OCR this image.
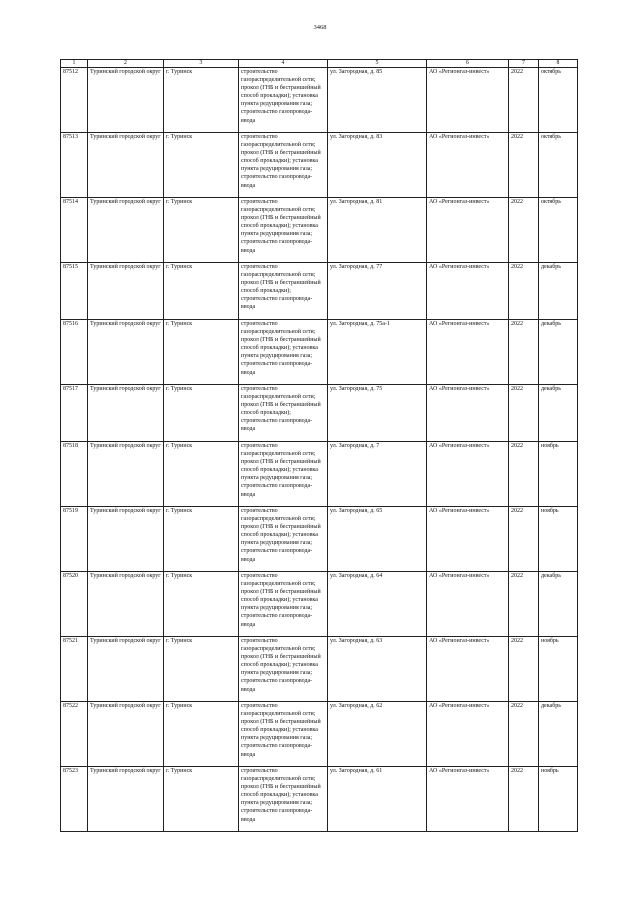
3468
1	2	3	4	5	6	7	8
87512	Туринский городской округ	г. Туринск	строительство газораспределительной сети; прокол (ГНБ и бестраншейный способ прокладки); установка пункта редуцирования газа; строительство газопровода-ввода	ул. Загородная, д. 85	АО «Регионгаз-инвест»	2022	октябрь
87513	Туринский городской округ	г. Туринск	строительство газораспределительной сети; прокол (ГНБ и бестраншейный способ прокладки); установка пункта редуцирования газа; строительство газопровода-ввода	ул. Загородная, д. 83	АО «Регионгаз-инвест»	2022	октябрь
87514	Туринский городской округ	г. Туринск	строительство газораспределительной сети; прокол (ГНБ и бестраншейный способ прокладки); установка пункта редуцирования газа; строительство газопровода-ввода	ул. Загородная, д. 81	АО «Регионгаз-инвест»	2022	октябрь
87515	Туринский городской округ	г. Туринск	строительство газораспределительной сети; прокол (ГНБ и бестраншейный способ прокладки); строительство газопровода-ввода	ул. Загородная, д. 77	АО «Регионгаз-инвест»	2022	декабрь
87516	Туринский городской округ	г. Туринск	строительство газораспределительной сети; прокол (ГНБ и бестраншейный способ прокладки); установка пункта редуцирования газа; строительство газопровода-ввода	ул. Загородная, д. 75а-1	АО «Регионгаз-инвест»	2022	декабрь
87517	Туринский городской округ	г. Туринск	строительство газораспределительной сети; прокол (ГНБ и бестраншейный способ прокладки); строительство газопровода-ввода	ул. Загородная, д. 75	АО «Регионгаз-инвест»	2022	декабрь
87518	Туринский городской округ	г. Туринск	строительство газораспределительной сети; прокол (ГНБ и бестраншейный способ прокладки); установка пункта редуцирования газа; строительство газопровода-ввода	ул. Загородная, д. 7	АО «Регионгаз-инвест»	2022	ноябрь
87519	Туринский городской округ	г. Туринск	строительство газораспределительной сети; прокол (ГНБ и бестраншейный способ прокладки); установка пункта редуцирования газа; строительство газопровода-ввода	ул. Загородная, д. 65	АО «Регионгаз-инвест»	2022	ноябрь
87520	Туринский городской округ	г. Туринск	строительство газораспределительной сети; прокол (ГНБ и бестраншейный способ прокладки); установка пункта редуцирования газа; строительство газопровода-ввода	ул. Загородная, д. 64	АО «Регионгаз-инвест»	2022	декабрь
87521	Туринский городской округ	г. Туринск	строительство газораспределительной сети; прокол (ГНБ и бестраншейный способ прокладки); установка пункта редуцирования газа; строительство газопровода-ввода	ул. Загородная, д. 63	АО «Регионгаз-инвест»	2022	ноябрь
87522	Туринский городской округ	г. Туринск	строительство газораспределительной сети; прокол (ГНБ и бестраншейный способ прокладки); установка пункта редуцирования газа; строительство газопровода-ввода	ул. Загородная, д. 62	АО «Регионгаз-инвест»	2022	декабрь
87523	Туринский городской округ	г. Туринск	строительство газораспределительной сети; прокол (ГНБ и бестраншейный способ прокладки); установка пункта редуцирования газа; строительство газопровода-ввода	ул. Загородная, д. 61	АО «Регионгаз-инвест»	2022	ноябрь
